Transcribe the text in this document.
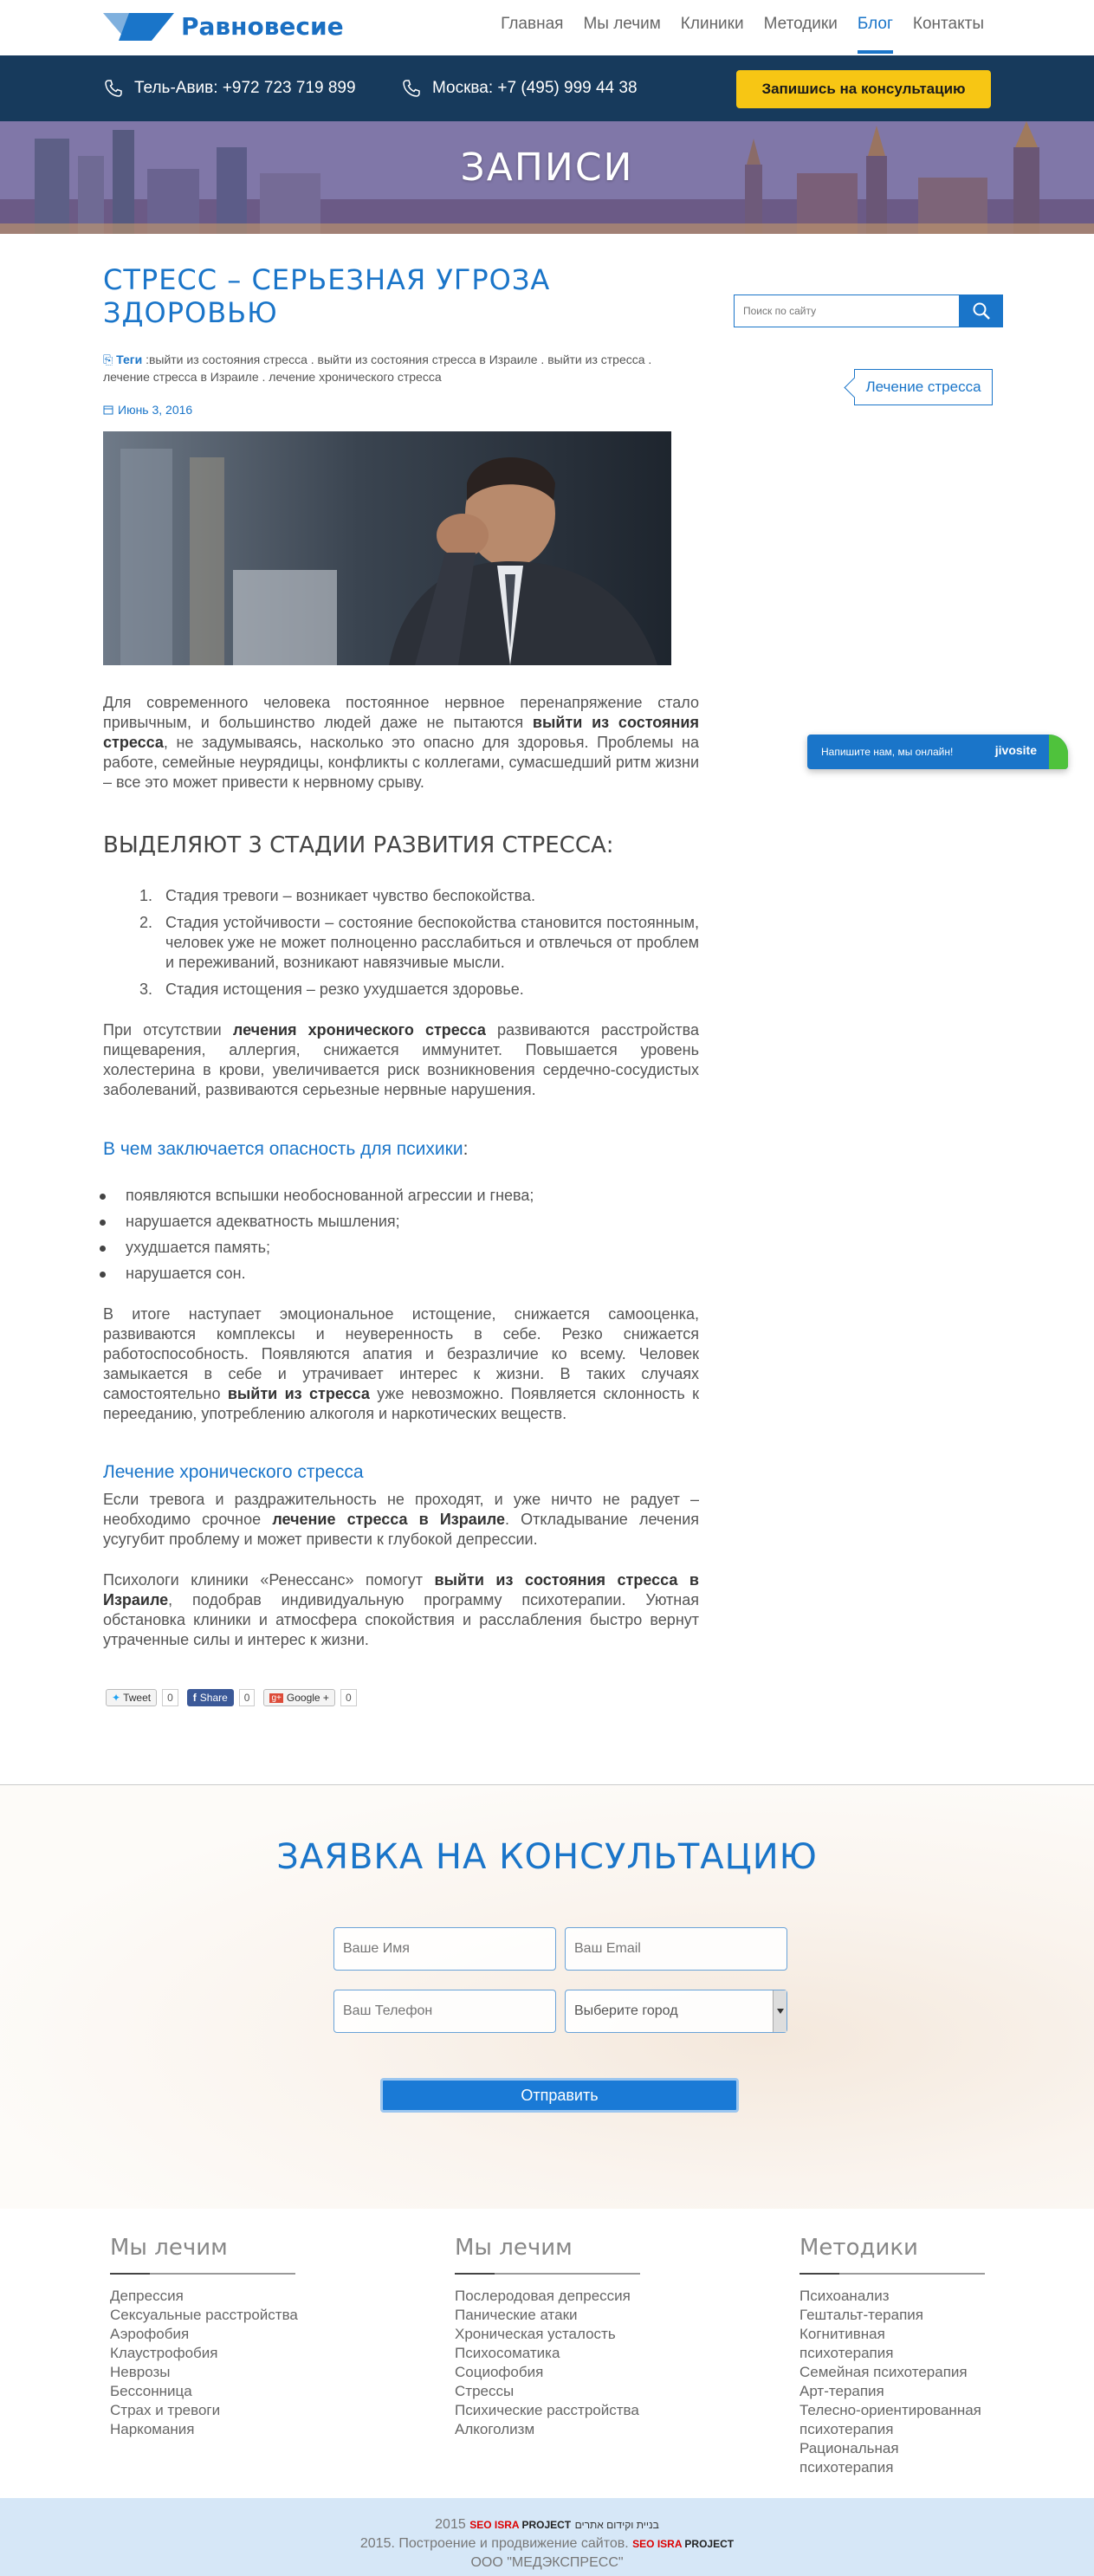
Равновесие	Главная Мы лечим Клиники Методики Блог Контакты
Тель-Авив: +972 723 719 899	Москва: +7 (495) 999 44 38	Запишись на консультацию
ЗАПИСИ
СТРЕСС – СЕРЬЕЗНАЯ УГРОЗА ЗДОРОВЬЮ
⎘ Теги :выйти из состояния стресса . выйти из состояния стресса в Израиле . выйти из стресса . лечение стресса в Израиле . лечение хронического стресса
Июнь 3, 2016

Для современного человека постоянное нервное перенапряжение стало привычным, и большинство людей даже не пытаются выйти из состояния стресса, не задумываясь, насколько это опасно для здоровья. Проблемы на работе, семейные неурядицы, конфликты с коллегами, сумасшедший ритм жизни – все это может привести к нервному срыву.

ВЫДЕЛЯЮТ 3 СТАДИИ РАЗВИТИЯ СТРЕССА:
1. Стадия тревоги – возникает чувство беспокойства.
2. Стадия устойчивости – состояние беспокойства становится постоянным, человек уже не может полноценно расслабиться и отвлечься от проблем и переживаний, возникают навязчивые мысли.
3. Стадия истощения – резко ухудшается здоровье.

При отсутствии лечения хронического стресса развиваются расстройства пищеварения, аллергия, снижается иммунитет. Повышается уровень холестерина в крови, увеличивается риск возникновения сердечно-сосудистых заболеваний, развиваются серьезные нервные нарушения.

В чем заключается опасность для психики:
появляются вспышки необоснованной агрессии и гнева;
нарушается адекватность мышления;
ухудшается память;
нарушается сон.

В итоге наступает эмоциональное истощение, снижается самооценка, развиваются комплексы и неуверенность в себе. Резко снижается работоспособность. Появляются апатия и безразличие ко всему. Человек замыкается в себе и утрачивает интерес к жизни. В таких случаях самостоятельно выйти из стресса уже невозможно. Появляется склонность к перееданию, употреблению алкоголя и наркотических веществ.

Лечение хронического стресса

Если тревога и раздражительность не проходят, и уже ничто не радует – необходимо срочное лечение стресса в Израиле. Откладывание лечения усугубит проблему и может привести к глубокой депрессии.

Психологи клиники «Ренессанс» помогут выйти из состояния стресса в Израиле, подобрав индивидуальную программу психотерапии. Уютная обстановка клиники и атмосфера спокойствия и расслабления быстро вернут утраченные силы и интерес к жизни.

Поиск по сайту
Лечение стресса
✦ Tweet	0	f Share	0	g+ Google +	0
Напишите нам, мы онлайн!	jivosite
ЗАЯВКА НА КОНСУЛЬТАЦИЮ
Ваше Имя
Ваш Email
Ваш Телефон
Выберите город
Отправить
Мы лечим
Депрессия
Сексуальные расстройства
Аэрофобия
Клаустрофобия
Неврозы
Бессонница
Страх и тревоги
Наркомания
Мы лечим
Послеродовая депрессия
Панические атаки
Хроническая усталость
Психосоматика
Социофобия
Стрессы
Психические расстройства
Алкоголизм
Методики
Психоанализ
Гештальт-терапия
Когнитивная
психотерапия
Семейная психотерапия
Арт-терапия
Телесно-ориентированная
психотерапия
Рациональная
психотерапия
2015 SEO ISRA PROJECT בניית וקידום אתרים
2015. Построение и продвижение сайтов. SEO ISRA PROJECT
ООО "МЕДЭКСПРЕСС"
